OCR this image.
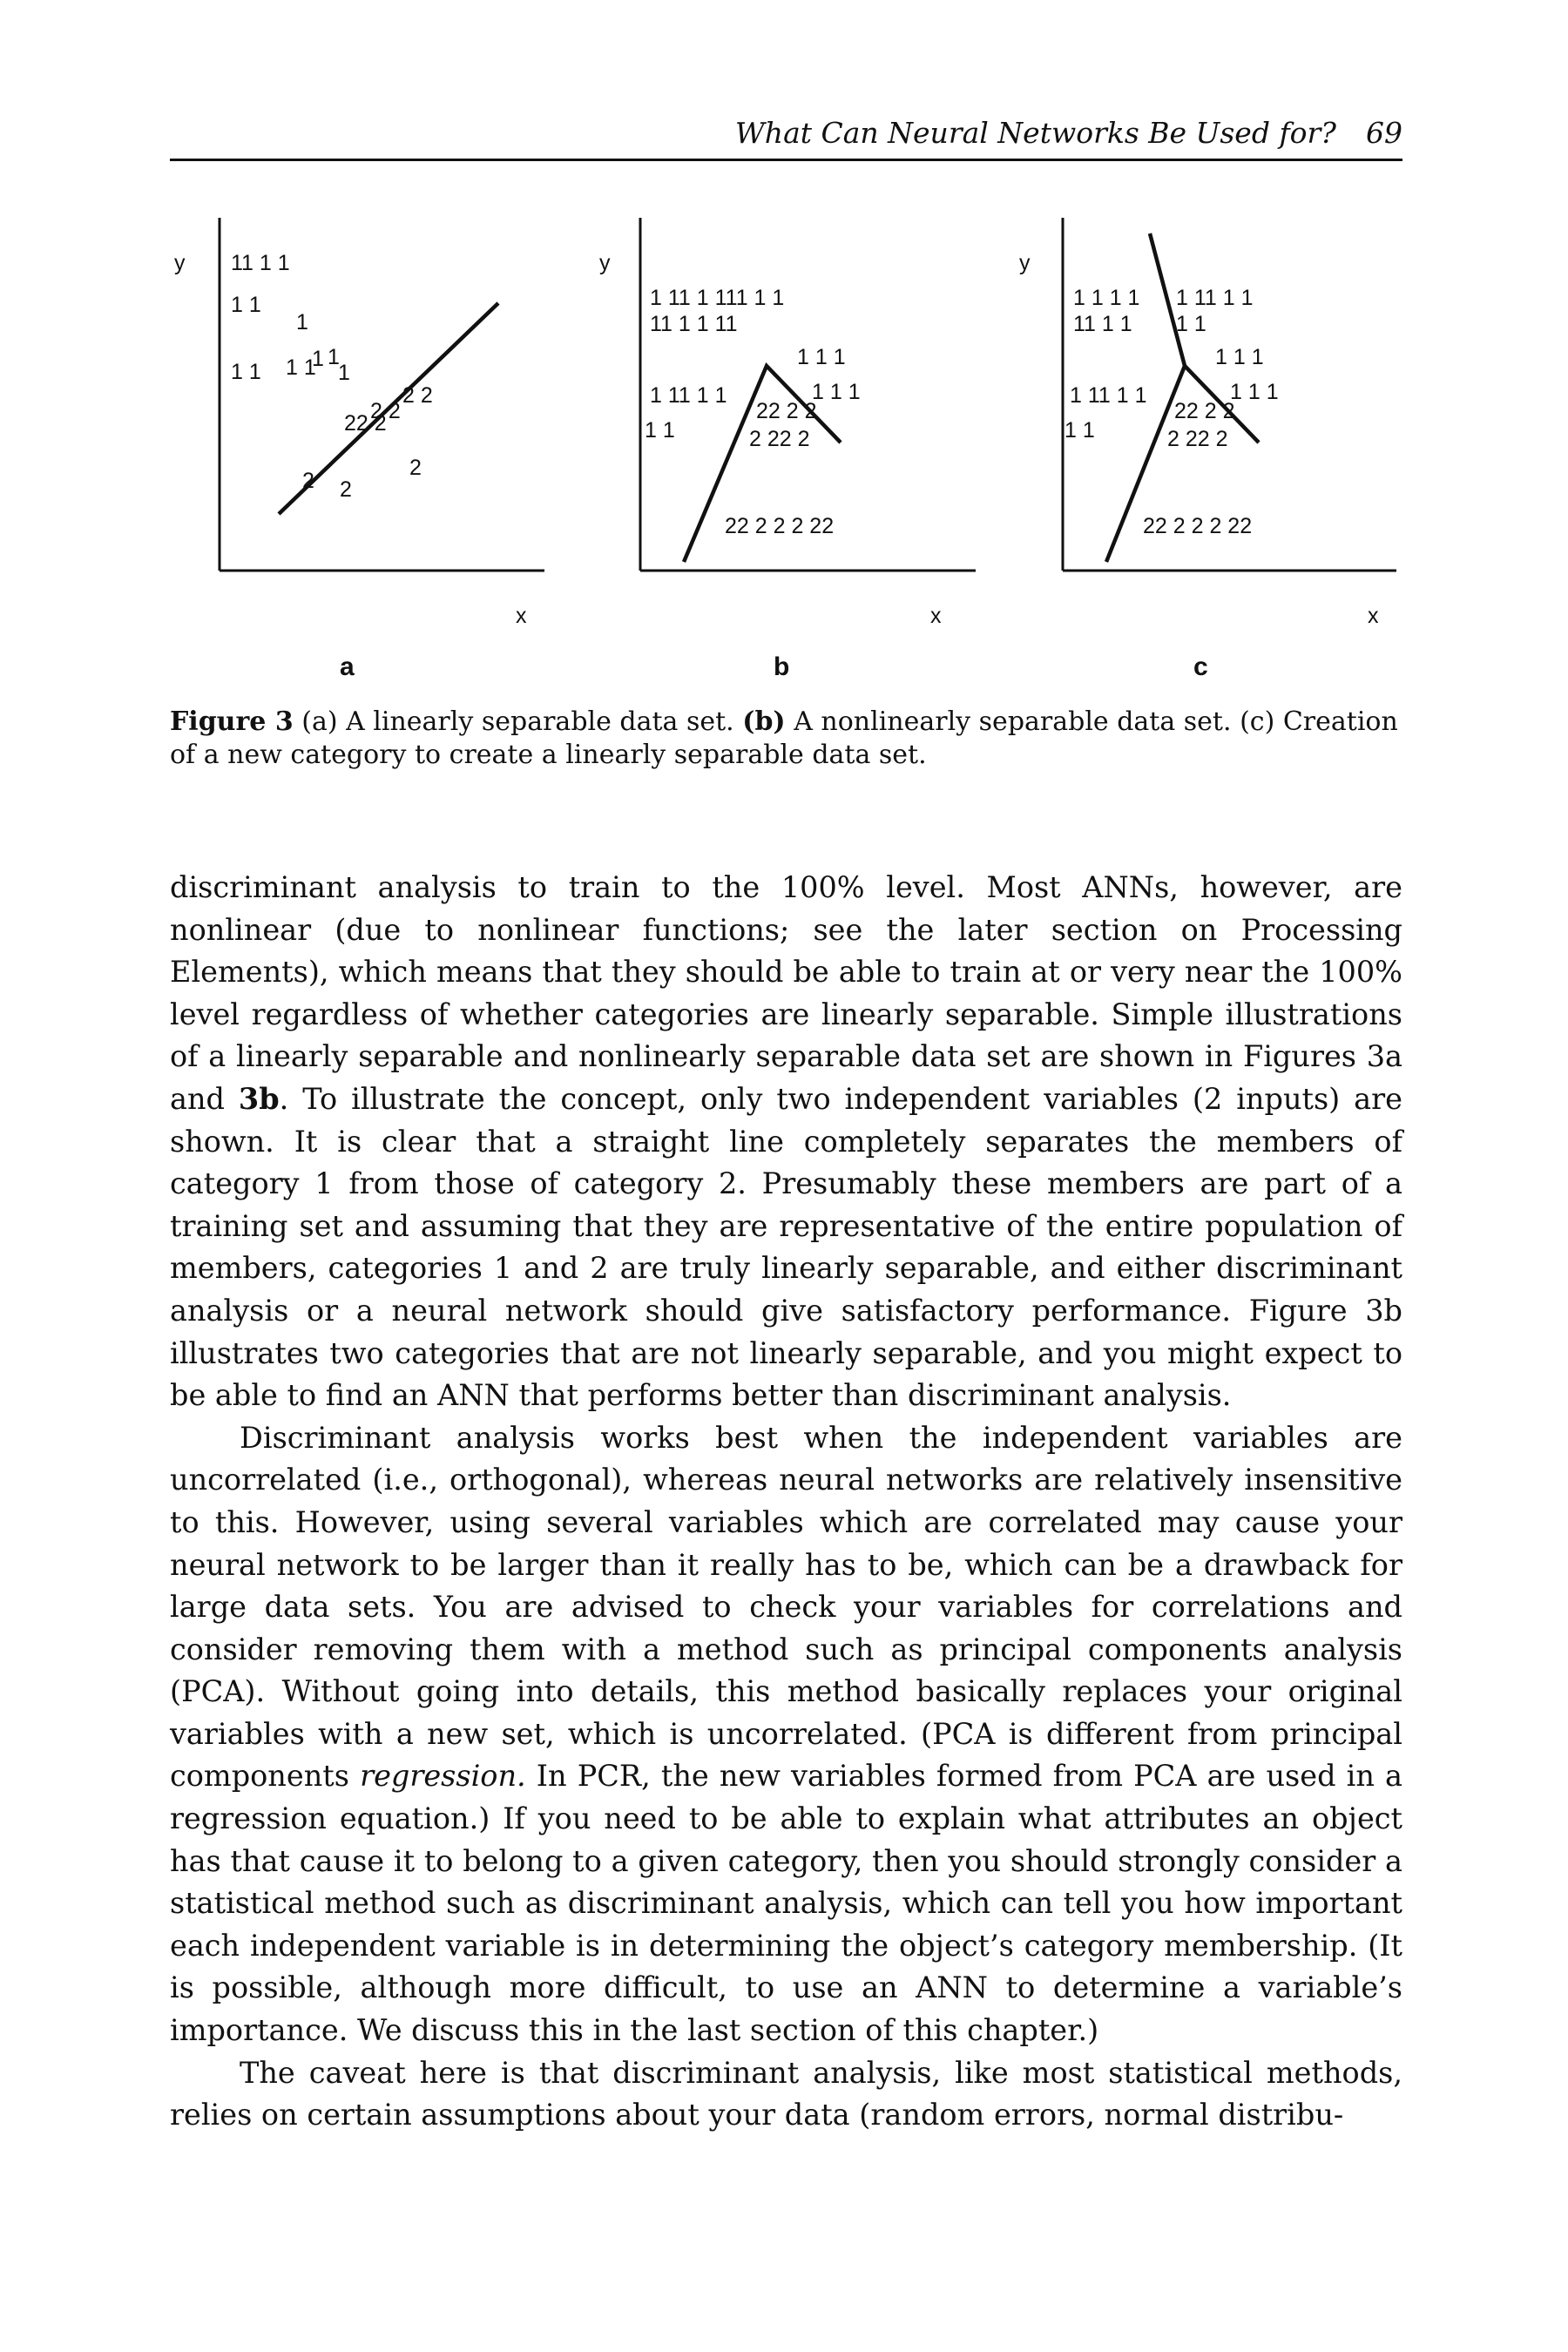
What Can Neural Networks Be Used for? 69
y
x
11 1 1
1 1
1
1 1 1 1
1 1
1
2 2
2 2
22 2
2
2
2
a
y
x
1 11 1 111 1 1
11 1 1 11
1 1 1
1 11 1 1	1 1 1
22 2 2
1 1	2 22 2
22 2 2 2 22
b
y
x
1 1 1 1 1 11 1 1
11 1 1 1 1
1 1 1
1 11 1 1	1 1 1
22 2 2
1 1	2 22 2
22 2 2 2 22
c
Figure 3 (a) A linearly separable data set. (b) A nonlinearly separable data set. (c) Creation of a new category to create a linearly separable data set.

discriminant analysis to train to the 100% level. Most ANNs, however, are nonlinear (due to nonlinear functions; see the later section on Processing Elements), which means that they should be able to train at or very near the 100% level regardless of whether categories are linearly separable. Simple illustrations of a linearly separable and nonlinearly separable data set are shown in Figures 3a and 3b. To illustrate the concept, only two independent variables (2 inputs) are shown. It is clear that a straight line completely separates the members of category 1 from those of category 2. Presumably these members are part of a training set and assuming that they are representative of the entire population of members, categories 1 and 2 are truly linearly separable, and either discriminant analysis or a neural network should give satisfactory performance. Figure 3b illustrates two categories that are not linearly separable, and you might expect to be able to find an ANN that performs better than discriminant analysis.

Discriminant analysis works best when the independent variables are uncorrelated (i.e., orthogonal), whereas neural networks are relatively insensitive to this. However, using several variables which are correlated may cause your neural network to be larger than it really has to be, which can be a drawback for large data sets. You are advised to check your variables for correlations and consider removing them with a method such as principal components analysis (PCA). Without going into details, this method basically replaces your original variables with a new set, which is uncorrelated. (PCA is different from principal components regression. In PCR, the new variables formed from PCA are used in a regression equation.) If you need to be able to explain what attributes an object has that cause it to belong to a given category, then you should strongly consider a statistical method such as discriminant analysis, which can tell you how important each independent variable is in determining the object’s category membership. (It is possible, although more difficult, to use an ANN to determine a variable’s importance. We discuss this in the last section of this chapter.)

The caveat here is that discriminant analysis, like most statistical methods, relies on certain assumptions about your data (random errors, normal distribu-
